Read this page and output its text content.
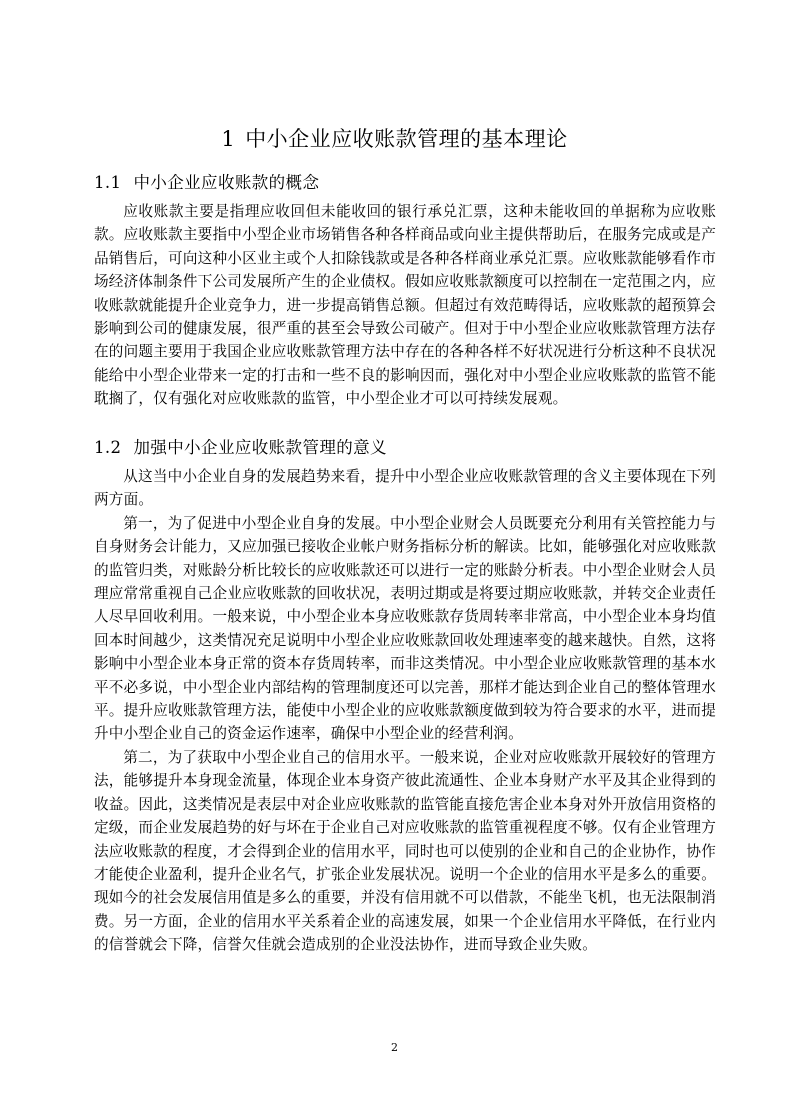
1 中小企业应收账款管理的基本理论
1.1 中小企业应收账款的概念

应收账款主要是指理应收回但未能收回的银行承兑汇票，这种未能收回的单据称为应收账款。应收账款主要指中小型企业市场销售各种各样商品或向业主提供帮助后，在服务完成或是产品销售后，可向这种小区业主或个人扣除钱款或是各种各样商业承兑汇票。应收账款能够看作市场经济体制条件下公司发展所产生的企业债权。假如应收账款额度可以控制在一定范围之内，应收账款就能提升企业竞争力，进一步提高销售总额。但超过有效范畴得话，应收账款的超预算会影响到公司的健康发展，很严重的甚至会导致公司破产。但对于中小型企业应收账款管理方法存在的问题主要用于我国企业应收账款管理方法中存在的各种各样不好状况进行分析这种不良状况能给中小型企业带来一定的打击和一些不良的影响因而，强化对中小型企业应收账款的监管不能耽搁了，仅有强化对应收账款的监管，中小型企业才可以可持续发展观。

1.2 加强中小企业应收账款管理的意义

从这当中小企业自身的发展趋势来看，提升中小型企业应收账款管理的含义主要体现在下列两方面。

第一，为了促进中小型企业自身的发展。中小型企业财会人员既要充分利用有关管控能力与自身财务会计能力，又应加强已接收企业帐户财务指标分析的解读。比如，能够强化对应收账款的监管归类，对账龄分析比较长的应收账款还可以进行一定的账龄分析表。中小型企业财会人员理应常常重视自己企业应收账款的回收状况，表明过期或是将要过期应收账款，并转交企业责任人尽早回收利用。一般来说，中小型企业本身应收账款存货周转率非常高，中小型企业本身均值回本时间越少，这类情况充足说明中小型企业应收账款回收处理速率变的越来越快。自然，这将影响中小型企业本身正常的资本存货周转率，而非这类情况。中小型企业应收账款管理的基本水平不必多说，中小型企业内部结构的管理制度还可以完善，那样才能达到企业自己的整体管理水平。提升应收账款管理方法，能使中小型企业的应收账款额度做到较为符合要求的水平，进而提升中小型企业自己的资金运作速率，确保中小型企业的经营利润。

第二，为了获取中小型企业自己的信用水平。一般来说，企业对应收账款开展较好的管理方法，能够提升本身现金流量，体现企业本身资产彼此流通性、企业本身财产水平及其企业得到的收益。因此，这类情况是表层中对企业应收账款的监管能直接危害企业本身对外开放信用资格的定级，而企业发展趋势的好与坏在于企业自己对应收账款的监管重视程度不够。仅有企业管理方法应收账款的程度，才会得到企业的信用水平，同时也可以使别的企业和自己的企业协作，协作才能使企业盈利，提升企业名气，扩张企业发展状况。说明一个企业的信用水平是多么的重要。现如今的社会发展信用值是多么的重要，并没有信用就不可以借款，不能坐飞机，也无法限制消费。另一方面，企业的信用水平关系着企业的高速发展，如果一个企业信用水平降低，在行业内的信誉就会下降，信誉欠佳就会造成别的企业没法协作，进而导致企业失败。

2
